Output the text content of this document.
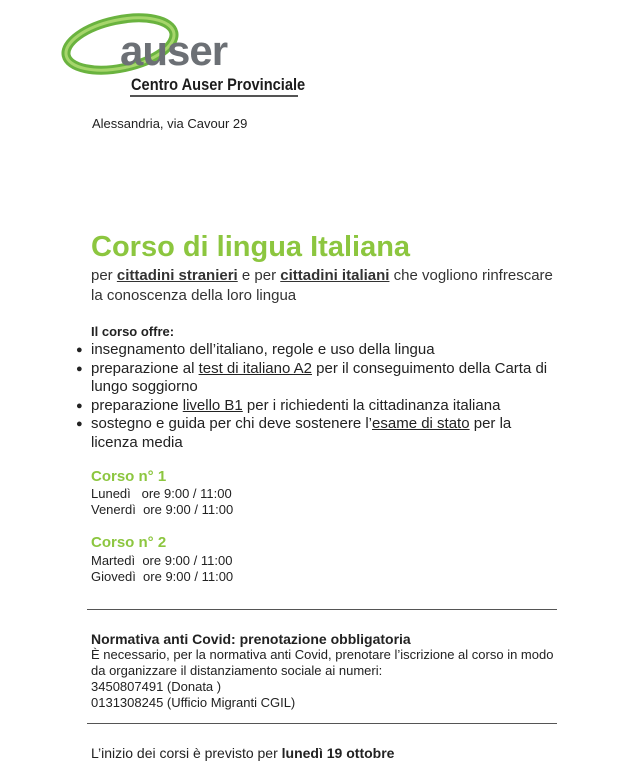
auser
Centro Auser Provinciale
Alessandria, via Cavour 29
Corso di lingua Italiana
per cittadini stranieri e per cittadini italiani che vogliono rinfrescare la conoscenza della loro lingua
Il corso offre:
● insegnamento dell’italiano, regole e uso della lingua
● preparazione al test di italiano A2 per il conseguimento della Carta di lungo soggiorno
● preparazione livello B1 per i richiedenti la cittadinanza italiana
● sostegno e guida per chi deve sostenere l’esame di stato per la licenza media
Corso n° 1
Lunedì ore 9:00 / 11:00
Venerdì ore 9:00 / 11:00
Corso n° 2
Martedì ore 9:00 / 11:00
Giovedì ore 9:00 / 11:00
Normativa anti Covid: prenotazione obbligatoria
È necessario, per la normativa anti Covid, prenotare l’iscrizione al corso in modo da organizzare il distanziamento sociale ai numeri:
3450807491 (Donata )
0131308245 (Ufficio Migranti CGIL)
L’inizio dei corsi è previsto per lunedì 19 ottobre
